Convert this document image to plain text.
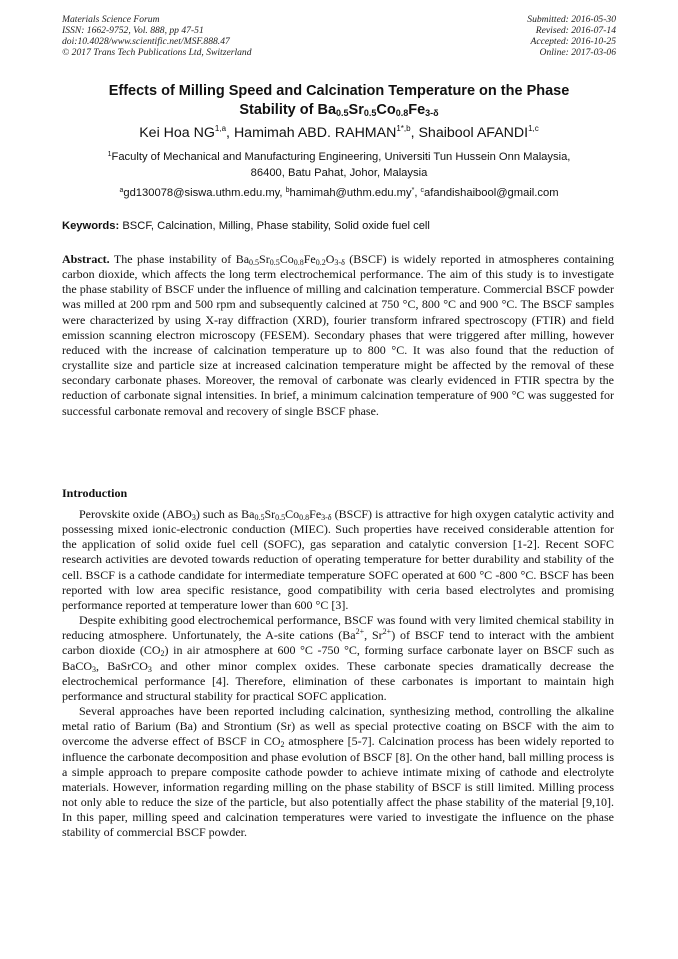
Materials Science Forum
ISSN: 1662-9752, Vol. 888, pp 47-51
doi:10.4028/www.scientific.net/MSF.888.47
© 2017 Trans Tech Publications Ltd, Switzerland
Submitted: 2016-05-30
Revised: 2016-07-14
Accepted: 2016-10-25
Online: 2017-03-06
Effects of Milling Speed and Calcination Temperature on the Phase
Stability of $Ba_{0.5}Sr_{0.5}Co_{0.8}Fe_{3-\delta}$
Kei Hoa NG$^{1,a}$, Hamimah ABD. $RAHMAN^{1*,b}$, Shaibool AFANDI$^{1,c}$
$^1$Faculty of Mechanical and Manufacturing Engineering, Universiti Tun Hussein Onn Malaysia,
86400, Batu Pahat, Johor, Malaysia
$^a$gd130078@siswa.uthm.edu.my, $^b$hamimah@uthm.edu.my*, $^c$afandishaibool@gmail.com
Keywords: BSCF, Calcination, Milling, Phase stability, Solid oxide fuel cell

Abstract. The phase instability of $Ba_{0.5}Sr_{0.5}Co_{0.8}Fe_{0.2}O_{3-\delta}$ (BSCF) is widely reported in atmospheres containing carbon dioxide, which affects the long term electrochemical performance. The aim of this study is to investigate the phase stability of BSCF under the influence of milling and calcination temperature. Commercial BSCF powder was milled at 200 rpm and 500 rpm and subsequently calcined at 750 °C, 800 °C and 900 °C. The BSCF samples were characterized by using X-ray diffraction (XRD), fourier transform infrared spectroscopy (FTIR) and field emission scanning electron microscopy (FESEM). Secondary phases that were triggered after milling, however reduced with the increase of calcination temperature up to 800 °C. It was also found that the reduction of crystallite size and particle size at increased calcination temperature might be affected by the removal of these secondary carbonate phases. Moreover, the removal of carbonate was clearly evidenced in FTIR spectra by the reduction of carbonate signal intensities. In brief, a minimum calcination temperature of 900 °C was suggested for successful carbonate removal and recovery of single BSCF phase.

Introduction

Perovskite oxide $(ABO_3)$ such as $Ba_{0.5}Sr_{0.5}Co_{0.8}Fe_{3-\delta}$ (BSCF) is attractive for high oxygen catalytic activity and possessing mixed ionic-electronic conduction (MIEC). Such properties have received considerable attention for the application of solid oxide fuel cell (SOFC), gas separation and catalytic conversion [1-2]. Recent SOFC research activities are devoted towards reduction of operating temperature for better durability and stability of the cell. BSCF is a cathode candidate for intermediate temperature SOFC operated at 600 °C -800 °C. BSCF has been reported with low area specific resistance, good compatibility with ceria based electrolytes and promising performance reported at temperature lower than 600 °C [3].

Despite exhibiting good electrochemical performance, BSCF was found with very limited chemical stability in reducing atmosphere. Unfortunately, the A-site cations ($Ba^{2+}$, $Sr^{2+}$) of BSCF tend to interact with the ambient carbon dioxide $(CO_2)$ in air atmosphere at 600 °C -750 °C, forming surface carbonate layer on BSCF such as BaCO$_3$, BaSrCO$_3$ and other minor complex oxides. These carbonate species dramatically decrease the electrochemical performance [4]. Therefore, elimination of these carbonates is important to maintain high performance and structural stability for practical SOFC application.

Several approaches have been reported including calcination, synthesizing method, controlling the alkaline metal ratio of Barium (Ba) and Strontium (Sr) as well as special protective coating on BSCF with the aim to overcome the adverse effect of BSCF in $CO_2$ atmosphere [5-7]. Calcination process has been widely reported to influence the carbonate decomposition and phase evolution of BSCF [8]. On the other hand, ball milling process is a simple approach to prepare composite cathode powder to achieve intimate mixing of cathode and electrolyte materials. However, information regarding milling on the phase stability of BSCF is still limited. Milling process not only able to reduce the size of the particle, but also potentially affect the phase stability of the material [9,10]. In this paper, milling speed and calcination temperatures were varied to investigate the influence on the phase stability of commercial BSCF powder.
